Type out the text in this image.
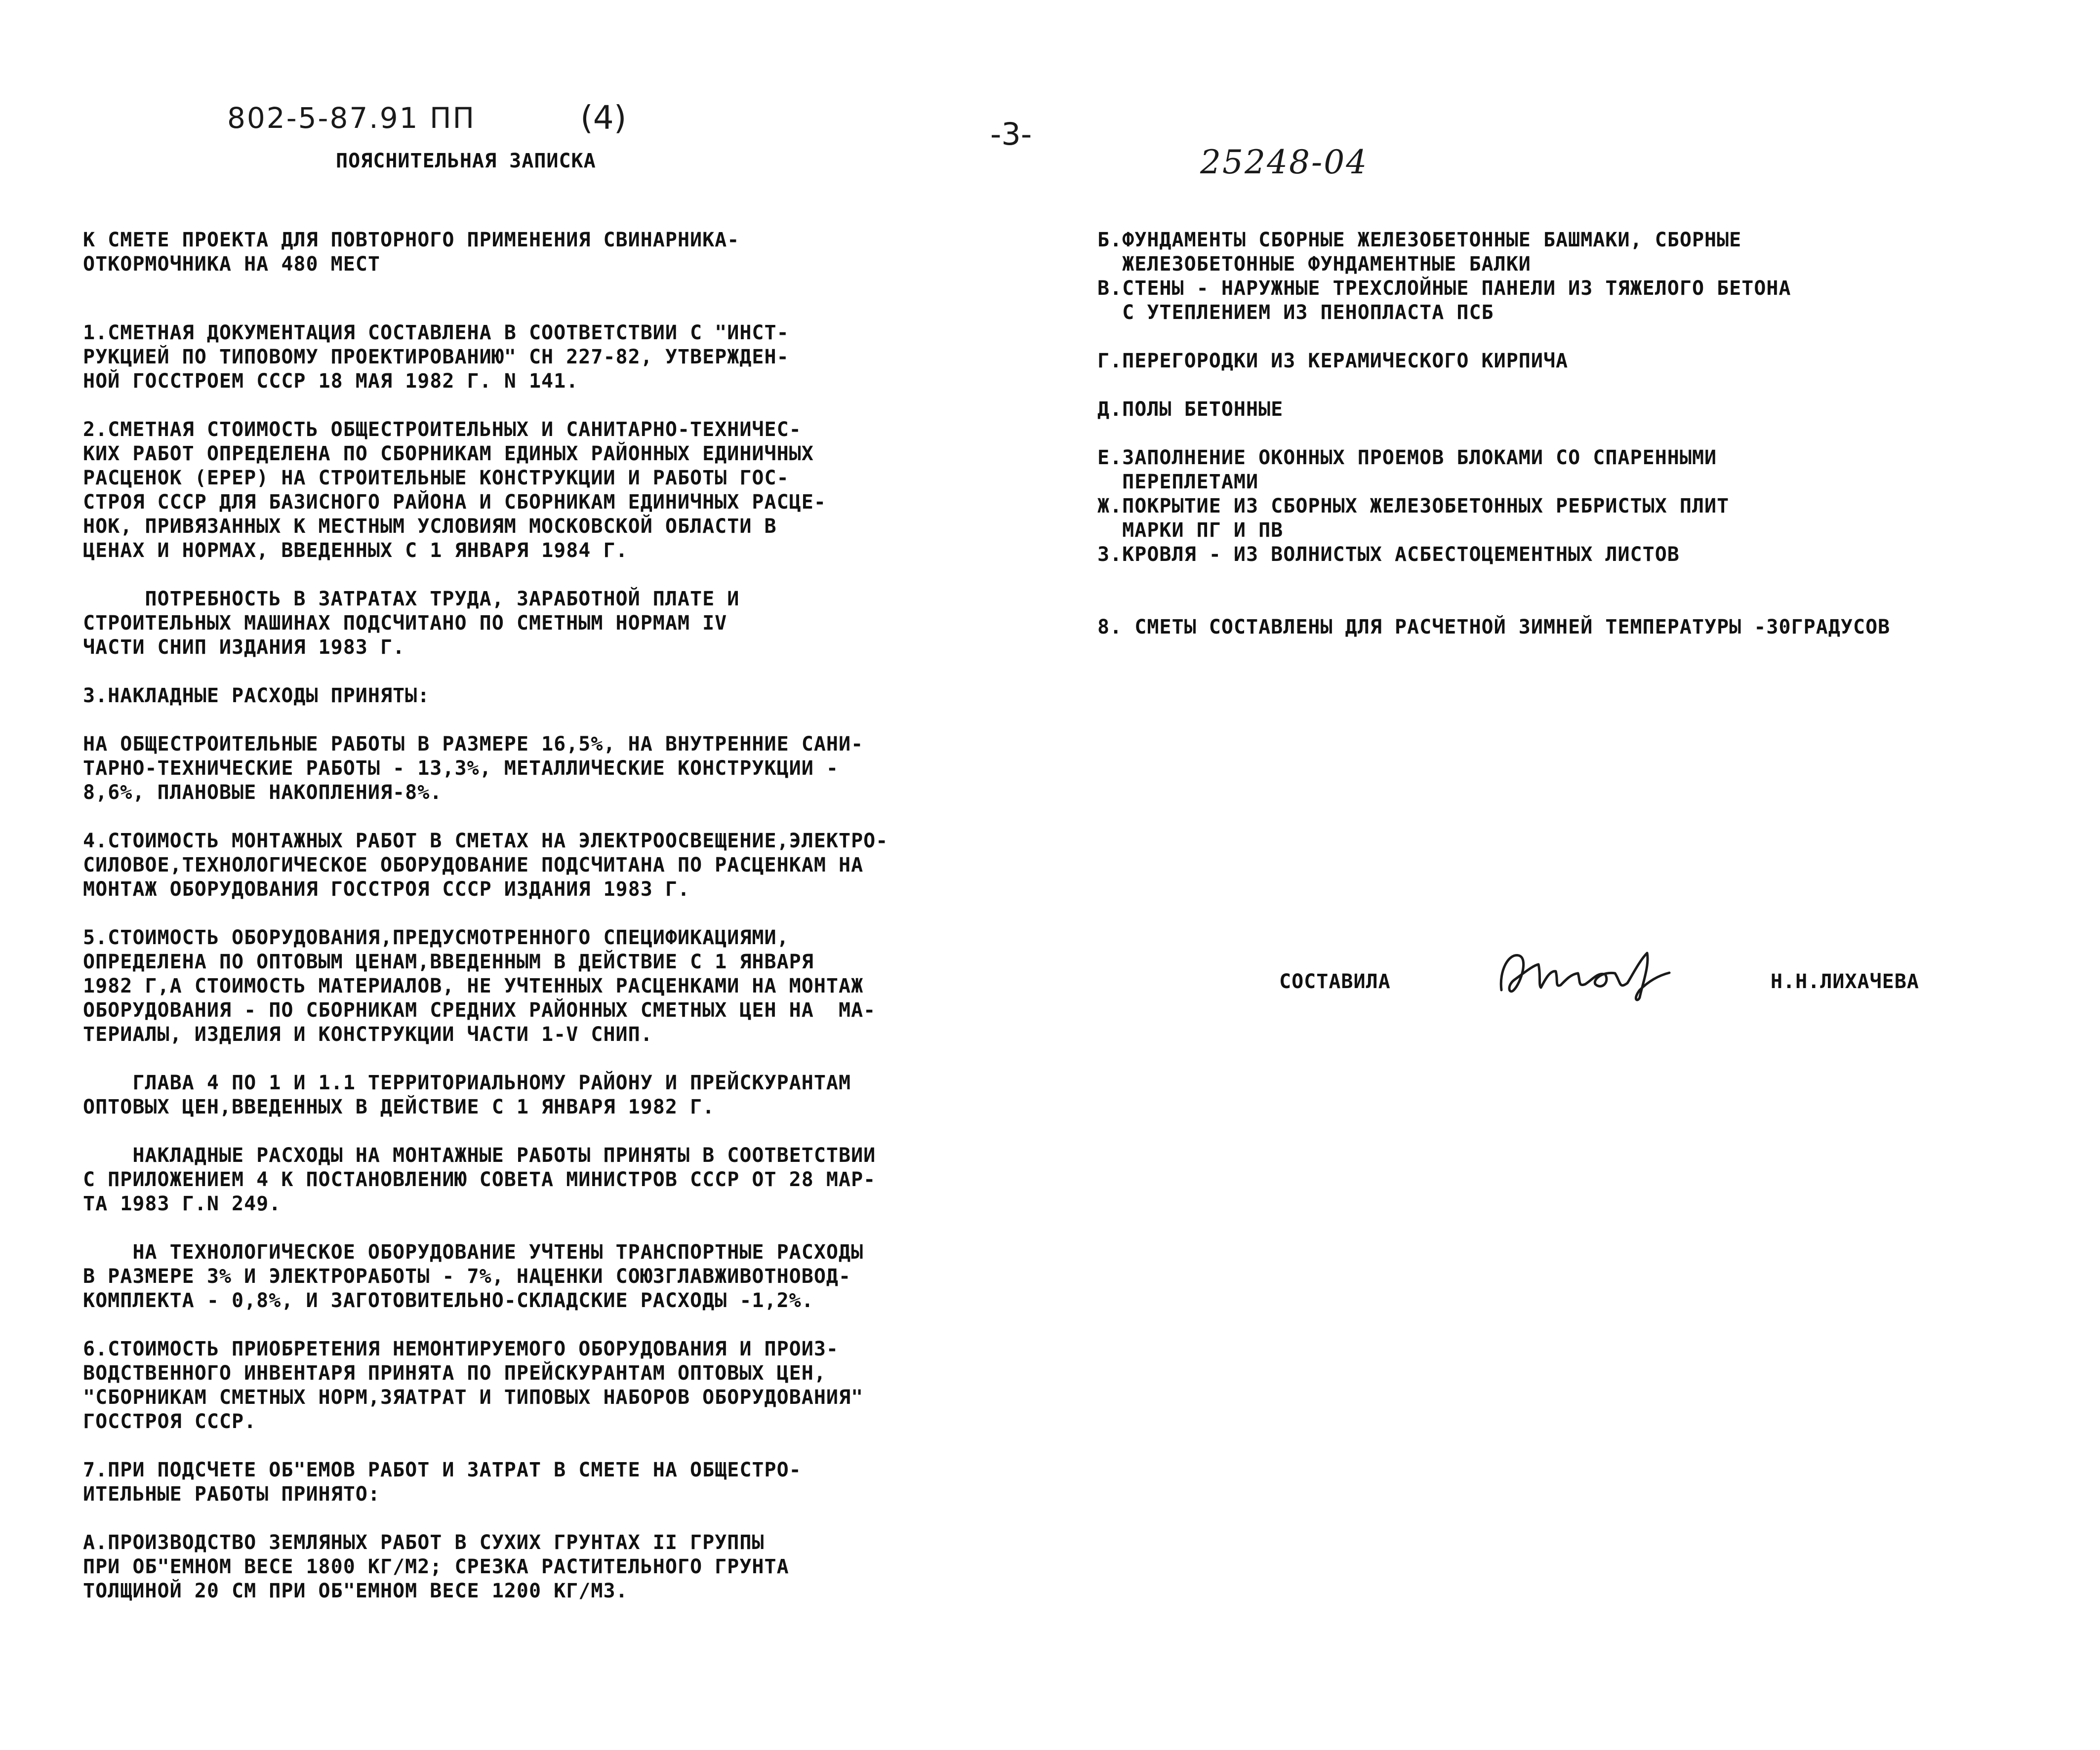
802-5-87.91 ПП	(4)	-3-
25248-04
ПОЯСНИТЕЛЬНАЯ ЗАПИСКА
К СМЕТЕ ПРОЕКТА ДЛЯ ПОВТОРНОГО ПРИМЕНЕНИЯ СВИНАРНИКА-
ОТКОРМОЧНИКА НА 480 МЕСТ
1.СМЕТНАЯ ДОКУМЕНТАЦИЯ СОСТАВЛЕНА В СООТВЕТСТВИИ С "ИНСТ-
РУКЦИЕЙ ПО ТИПОВОМУ ПРОЕКТИРОВАНИЮ" СН 227-82, УТВЕРЖДЕН-
НОЙ ГОССТРОЕМ СССР 18 МАЯ 1982 Г. N 141.
2.СМЕТНАЯ СТОИМОСТЬ ОБЩЕСТРОИТЕЛЬНЫХ И САНИТАРНО-ТЕХНИЧЕС-
КИХ РАБОТ ОПРЕДЕЛЕНА ПО СБОРНИКАМ ЕДИНЫХ РАЙОННЫХ ЕДИНИЧНЫХ
РАСЦЕНОК (ЕРЕР) НА СТРОИТЕЛЬНЫЕ КОНСТРУКЦИИ И РАБОТЫ ГОС-
СТРОЯ СССР ДЛЯ БАЗИСНОГО РАЙОНА И СБОРНИКАМ ЕДИНИЧНЫХ РАСЦЕ-
НОК, ПРИВЯЗАННЫХ К МЕСТНЫМ УСЛОВИЯМ МОСКОВСКОЙ ОБЛАСТИ В
ЦЕНАХ И НОРМАХ, ВВЕДЕННЫХ С 1 ЯНВАРЯ 1984 Г.
ПОТРЕБНОСТЬ В ЗАТРАТАХ ТРУДА, ЗАРАБОТНОЙ ПЛАТЕ И
СТРОИТЕЛЬНЫХ МАШИНАХ ПОДСЧИТАНО ПО СМЕТНЫМ НОРМАМ IV
ЧАСТИ СНИП ИЗДАНИЯ 1983 Г.
3.НАКЛАДНЫЕ РАСХОДЫ ПРИНЯТЫ:
НА ОБЩЕСТРОИТЕЛЬНЫЕ РАБОТЫ В РАЗМЕРЕ 16,5%, НА ВНУТРЕННИЕ САНИ-
ТАРНО-ТЕХНИЧЕСКИЕ РАБОТЫ - 13,3%, МЕТАЛЛИЧЕСКИЕ КОНСТРУКЦИИ -
8,6%, ПЛАНОВЫЕ НАКОПЛЕНИЯ-8%.
4.СТОИМОСТЬ МОНТАЖНЫХ РАБОТ В СМЕТАХ НА ЭЛЕКТРООСВЕЩЕНИЕ,ЭЛЕКТРО-
СИЛОВОЕ,ТЕХНОЛОГИЧЕСКОЕ ОБОРУДОВАНИЕ ПОДСЧИТАНА ПО РАСЦЕНКАМ НА
МОНТАЖ ОБОРУДОВАНИЯ ГОССТРОЯ СССР ИЗДАНИЯ 1983 Г.
5.СТОИМОСТЬ ОБОРУДОВАНИЯ,ПРЕДУСМОТРЕННОГО СПЕЦИФИКАЦИЯМИ,
ОПРЕДЕЛЕНА ПО ОПТОВЫМ ЦЕНАМ,ВВЕДЕННЫМ В ДЕЙСТВИЕ С 1 ЯНВАРЯ
1982 Г,А СТОИМОСТЬ МАТЕРИАЛОВ, НЕ УЧТЕННЫХ РАСЦЕНКАМИ НА МОНТАЖ
ОБОРУДОВАНИЯ - ПО СБОРНИКАМ СРЕДНИХ РАЙОННЫХ СМЕТНЫХ ЦЕН НА  МА-
ТЕРИАЛЫ, ИЗДЕЛИЯ И КОНСТРУКЦИИ ЧАСТИ 1-V СНИП.
ГЛАВА 4 ПО 1 И 1.1 ТЕРРИТОРИАЛЬНОМУ РАЙОНУ И ПРЕЙСКУРАНТАМ
ОПТОВЫХ ЦЕН,ВВЕДЕННЫХ В ДЕЙСТВИЕ С 1 ЯНВАРЯ 1982 Г.
НАКЛАДНЫЕ РАСХОДЫ НА МОНТАЖНЫЕ РАБОТЫ ПРИНЯТЫ В СООТВЕТСТВИИ
С ПРИЛОЖЕНИЕМ 4 К ПОСТАНОВЛЕНИЮ СОВЕТА МИНИСТРОВ СССР ОТ 28 МАР-
ТА 1983 Г.N 249.
НА ТЕХНОЛОГИЧЕСКОЕ ОБОРУДОВАНИЕ УЧТЕНЫ ТРАНСПОРТНЫЕ РАСХОДЫ
В РАЗМЕРЕ 3% И ЭЛЕКТРОРАБОТЫ - 7%, НАЦЕНКИ СОЮЗГЛАВЖИВОТНОВОД-
КОМПЛЕКТА - 0,8%, И ЗАГОТОВИТЕЛЬНО-СКЛАДСКИЕ РАСХОДЫ -1,2%.
6.СТОИМОСТЬ ПРИОБРЕТЕНИЯ НЕМОНТИРУЕМОГО ОБОРУДОВАНИЯ И ПРОИЗ-
ВОДСТВЕННОГО ИНВЕНТАРЯ ПРИНЯТА ПО ПРЕЙСКУРАНТАМ ОПТОВЫХ ЦЕН,
"СБОРНИКАМ СМЕТНЫХ НОРМ,ЗЯАТРАТ И ТИПОВЫХ НАБОРОВ ОБОРУДОВАНИЯ"
ГОССТРОЯ СССР.
7.ПРИ ПОДСЧЕТЕ ОБ"ЕМОВ РАБОТ И ЗАТРАТ В СМЕТЕ НА ОБЩЕСТРО-
ИТЕЛЬНЫЕ РАБОТЫ ПРИНЯТО:
А.ПРОИЗВОДСТВО ЗЕМЛЯНЫХ РАБОТ В СУХИХ ГРУНТАХ II ГРУППЫ
ПРИ ОБ"ЕМНОМ ВЕСЕ 1800 КГ/М2; СРЕЗКА РАСТИТЕЛЬНОГО ГРУНТА
ТОЛЩИНОЙ 20 СМ ПРИ ОБ"ЕМНОМ ВЕСЕ 1200 КГ/М3.
Б.ФУНДАМЕНТЫ СБОРНЫЕ ЖЕЛЕЗОБЕТОННЫЕ БАШМАКИ, СБОРНЫЕ
ЖЕЛЕЗОБЕТОННЫЕ ФУНДАМЕНТНЫЕ БАЛКИ
В.СТЕНЫ - НАРУЖНЫЕ ТРЕХСЛОЙНЫЕ ПАНЕЛИ ИЗ ТЯЖЕЛОГО БЕТОНА
С УТЕПЛЕНИЕМ ИЗ ПЕНОПЛАСТА ПСБ
Г.ПЕРЕГОРОДКИ ИЗ КЕРАМИЧЕСКОГО КИРПИЧА
Д.ПОЛЫ БЕТОННЫЕ
Е.ЗАПОЛНЕНИЕ ОКОННЫХ ПРОЕМОВ БЛОКАМИ СО СПАРЕННЫМИ
ПЕРЕПЛЕТАМИ
Ж.ПОКРЫТИЕ ИЗ СБОРНЫХ ЖЕЛЕЗОБЕТОННЫХ РЕБРИСТЫХ ПЛИТ
МАРКИ ПГ И ПВ
З.КРОВЛЯ - ИЗ ВОЛНИСТЫХ АСБЕСТОЦЕМЕНТНЫХ ЛИСТОВ
8. СМЕТЫ СОСТАВЛЕНЫ ДЛЯ РАСЧЕТНОЙ ЗИМНЕЙ ТЕМПЕРАТУРЫ -30ГРАДУСОВ
СОСТАВИЛА	Н.Н.ЛИХАЧЕВА
